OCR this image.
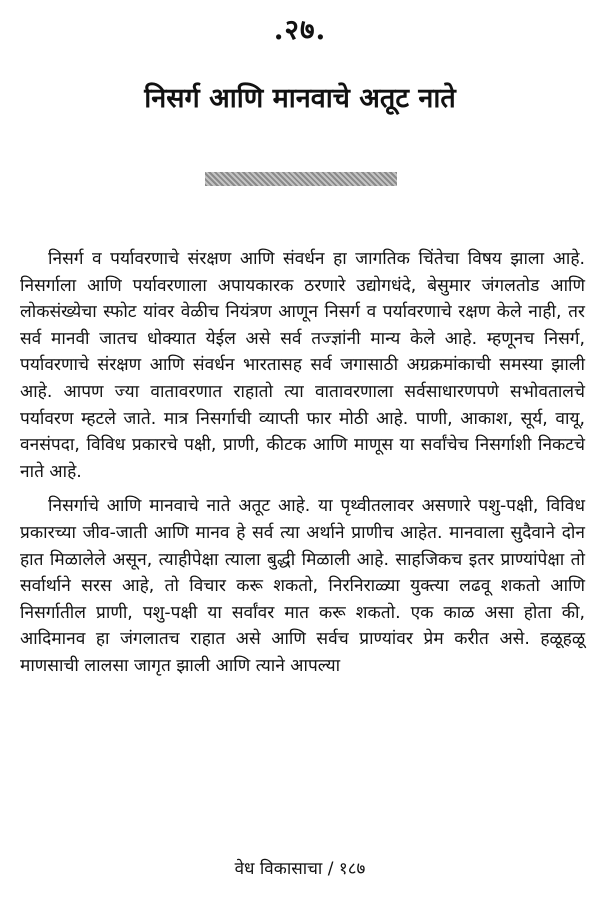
.२७.
निसर्ग आणि मानवाचे अतूट नाते

निसर्ग व पर्यावरणाचे संरक्षण आणि संवर्धन हा जागतिक चिंतेचा विषय झाला आहे. निसर्गाला आणि पर्यावरणाला अपायकारक ठरणारे उद्योगधंदे, बेसुमार जंगलतोड आणि लोकसंख्येचा स्फोट यांवर वेळीच नियंत्रण आणून निसर्ग व पर्यावरणाचे रक्षण केले नाही, तर सर्व मानवी जातच धोक्यात येईल असे सर्व तज्ज्ञांनी मान्य केले आहे. म्हणूनच निसर्ग, पर्यावरणाचे संरक्षण आणि संवर्धन भारतासह सर्व जगासाठी अग्रक्रमांकाची समस्या झाली आहे. आपण ज्या वातावरणात राहातो त्या वातावरणाला सर्वसाधारणपणे सभोवतालचे पर्यावरण म्हटले जाते. मात्र निसर्गाची व्याप्ती फार मोठी आहे. पाणी, आकाश, सूर्य, वायू, वनसंपदा, विविध प्रकारचे पक्षी, प्राणी, कीटक आणि माणूस या सर्वांचेच निसर्गाशी निकटचे नाते आहे.

निसर्गाचे आणि मानवाचे नाते अतूट आहे. या पृथ्वीतलावर असणारे पशु-पक्षी, विविध प्रकारच्या जीव-जाती आणि मानव हे सर्व त्या अर्थाने प्राणीच आहेत. मानवाला सुदैवाने दोन हात मिळालेले असून, त्याहीपेक्षा त्याला बुद्धी मिळाली आहे. साहजिकच इतर प्राण्यांपेक्षा तो सर्वार्थाने सरस आहे, तो विचार करू शकतो, निरनिराळ्या युक्त्या लढवू शकतो आणि निसर्गातील प्राणी, पशु-पक्षी या सर्वांवर मात करू शकतो. एक काळ असा होता की, आदिमानव हा जंगलातच राहात असे आणि सर्वच प्राण्यांवर प्रेम करीत असे. हळूहळू माणसाची लालसा जागृत झाली आणि त्याने आपल्या

वेध विकासाचा / १८७
